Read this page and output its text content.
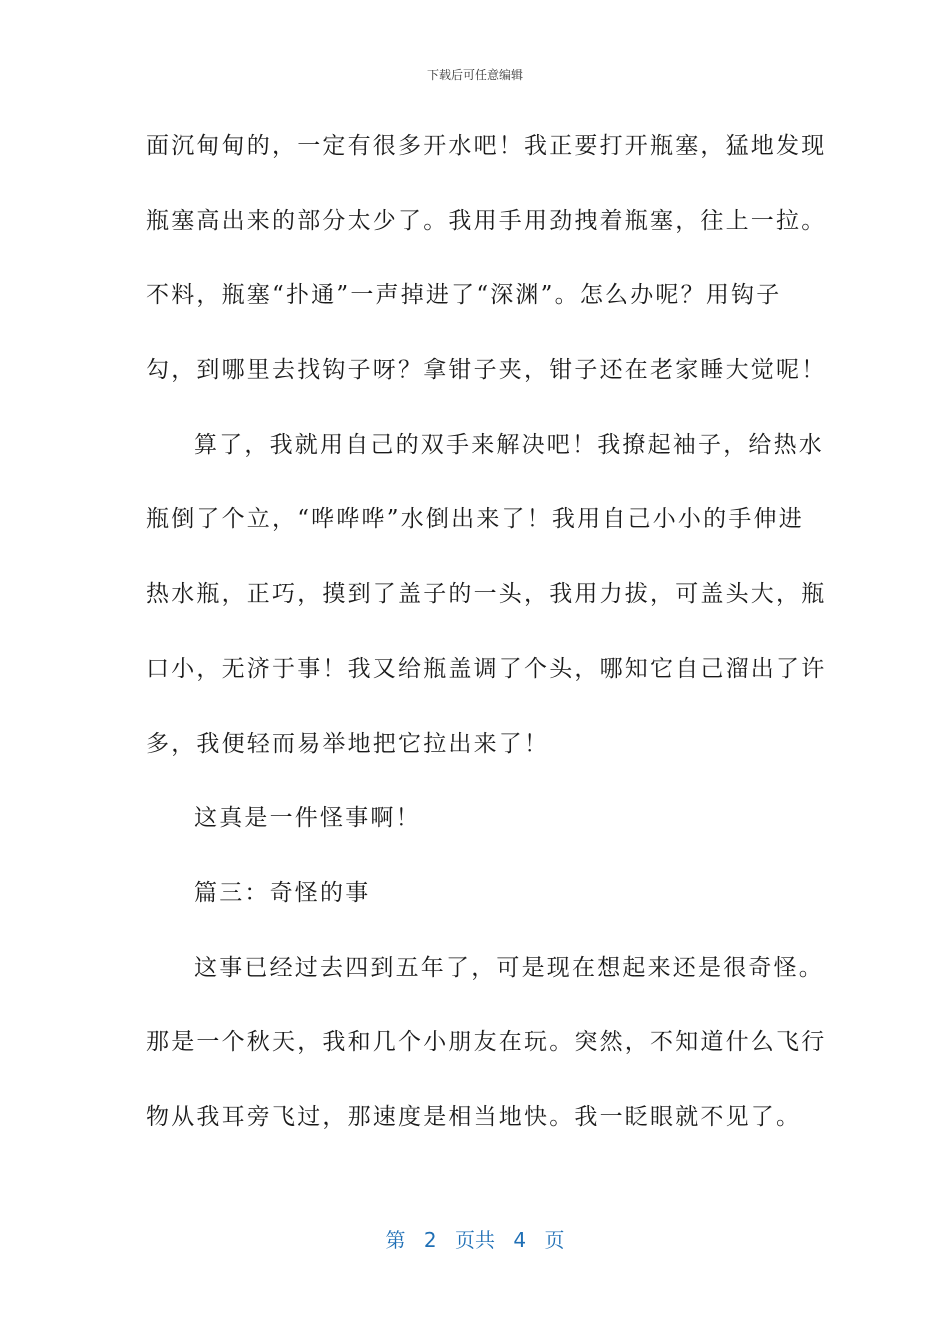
下载后可任意编辑
面沉甸甸的，一定有很多开水吧！我正要打开瓶塞，猛地发现
瓶塞高出来的部分太少了。我用手用劲拽着瓶塞，往上一拉。
不料，瓶塞“扑通”一声掉进了“深渊”。怎么办呢？用钩子
勾，到哪里去找钩子呀？拿钳子夹，钳子还在老家睡大觉呢！
算了，我就用自己的双手来解决吧！我撩起袖子，给热水
瓶倒了个立，“哗哗哗”水倒出来了！我用自己小小的手伸进
热水瓶，正巧，摸到了盖子的一头，我用力拔，可盖头大，瓶
口小，无济于事！我又给瓶盖调了个头，哪知它自己溜出了许
多，我便轻而易举地把它拉出来了！
这真是一件怪事啊！
篇三：奇怪的事
这事已经过去四到五年了，可是现在想起来还是很奇怪。
那是一个秋天，我和几个小朋友在玩。突然，不知道什么飞行
物从我耳旁飞过，那速度是相当地快。我一眨眼就不见了。
第 2 页共 4 页
